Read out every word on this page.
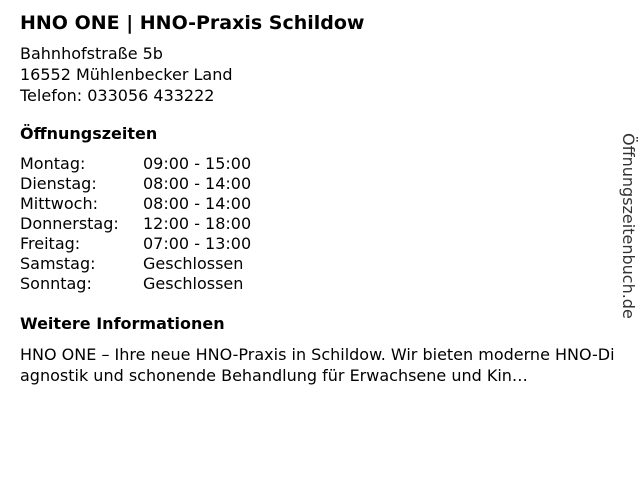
HNO ONE | HNO-Praxis Schildow
Bahnhofstraße 5b
16552 Mühlenbecker Land
Telefon: 033056 433222
Öffnungszeiten
Montag:	09:00 - 15:00
Dienstag:	08:00 - 14:00
Mittwoch:	08:00 - 14:00
Donnerstag: 12:00 - 18:00
Freitag:	07:00 - 13:00
Samstag:	Geschlossen
Sonntag:	Geschlossen
Weitere Informationen
HNO ONE – Ihre neue HNO-Praxis in Schildow. Wir bieten moderne HNO-Diagnostik und schonende Behandlung für Erwachsene und Kin…
Öffnungszeitenbuch.de
